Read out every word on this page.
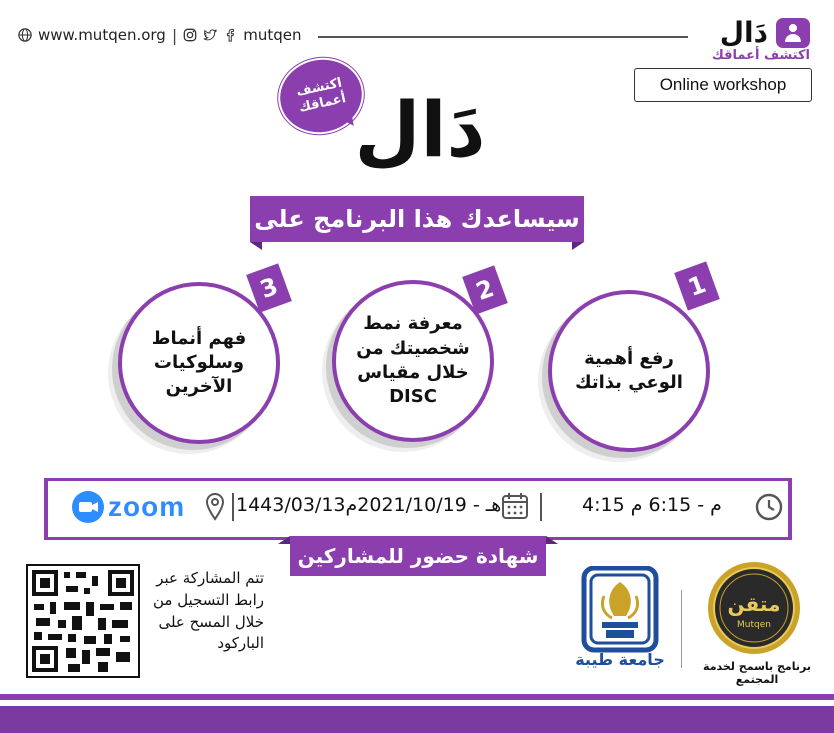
www.mutqen.org |	mutqen	دَال
اكتشف أعماقك
Online workshop
اكتشف أعماقك دَال
سيساعدك هذا البرنامج على
رفع أهمية الوعي بذاتك
1
معرفة نمط شخصيتك من خلال مقياس DISC
2
فهم أنماط وسلوكيات الآخرين
3
4:15 م - 6:15 م
1443/03/13هـ - 2021/10/19م
zoom
شهادة حضور للمشاركين
تتم المشاركة عبر رابط التسجيل من خلال المسح على الباركود
جامعة طيبة
متقن
Mutqen
برنامج باسمح لخدمة المجتمع
